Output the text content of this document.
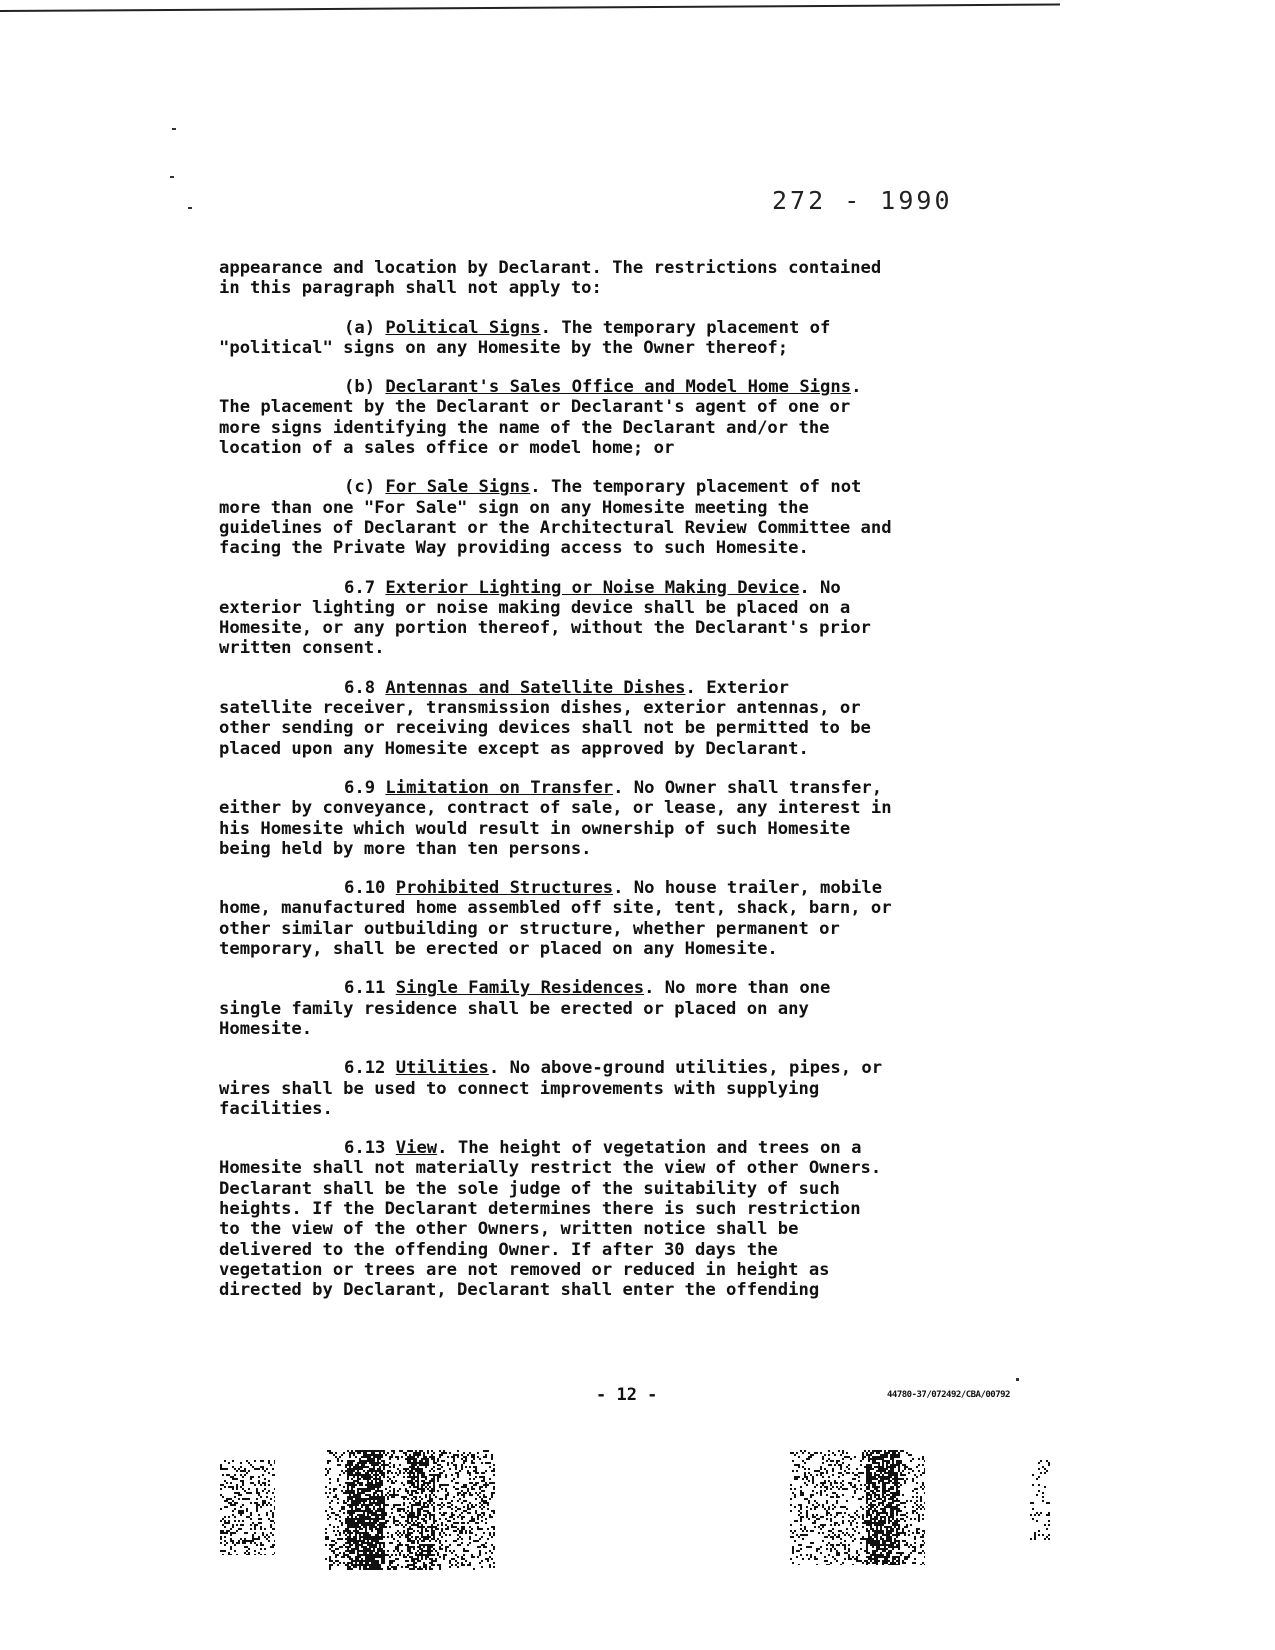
272 - 1990

appearance and location by Declarant. The restrictions contained
in this paragraph shall not apply to:

(a) Political Signs. The temporary placement of
"political" signs on any Homesite by the Owner thereof;

(b) Declarant's Sales Office and Model Home Signs.
The placement by the Declarant or Declarant's agent of one or
more signs identifying the name of the Declarant and/or the
location of a sales office or model home; or

(c) For Sale Signs. The temporary placement of not
more than one "For Sale" sign on any Homesite meeting the
guidelines of Declarant or the Architectural Review Committee and
facing the Private Way providing access to such Homesite.

6.7 Exterior Lighting or Noise Making Device. No
exterior lighting or noise making device shall be placed on a
Homesite, or any portion thereof, without the Declarant's prior
written consent.

6.8 Antennas and Satellite Dishes. Exterior
satellite receiver, transmission dishes, exterior antennas, or
other sending or receiving devices shall not be permitted to be
placed upon any Homesite except as approved by Declarant.

6.9 Limitation on Transfer. No Owner shall transfer,
either by conveyance, contract of sale, or lease, any interest in
his Homesite which would result in ownership of such Homesite
being held by more than ten persons.

6.10 Prohibited Structures. No house trailer, mobile
home, manufactured home assembled off site, tent, shack, barn, or
other similar outbuilding or structure, whether permanent or
temporary, shall be erected or placed on any Homesite.

6.11 Single Family Residences. No more than one
single family residence shall be erected or placed on any
Homesite.

6.12 Utilities. No above-ground utilities, pipes, or
wires shall be used to connect improvements with supplying
facilities.

6.13 View. The height of vegetation and trees on a
Homesite shall not materially restrict the view of other Owners.
Declarant shall be the sole judge of the suitability of such
heights. If the Declarant determines there is such restriction
to the view of the other Owners, written notice shall be
delivered to the offending Owner. If after 30 days the
vegetation or trees are not removed or reduced in height as
directed by Declarant, Declarant shall enter the offending

- 12 -	44780-37/072492/CBA/00792
